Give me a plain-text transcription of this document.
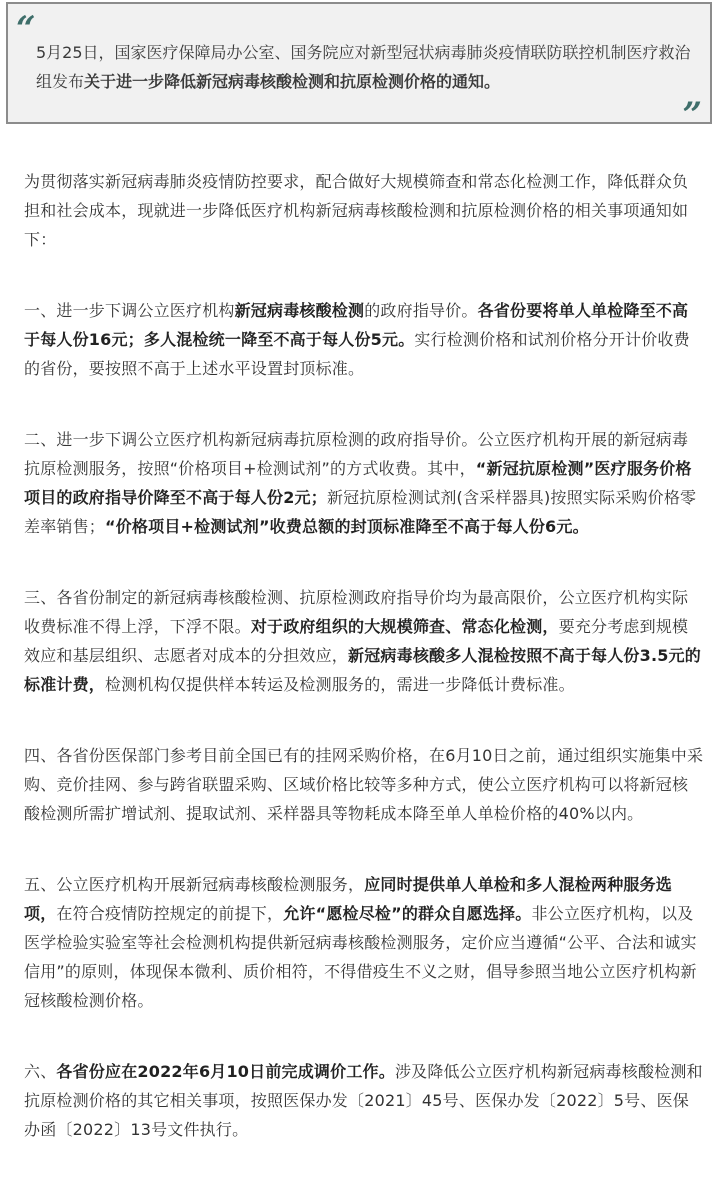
“

5月25日，国家医疗保障局办公室、国务院应对新型冠状病毒肺炎疫情联防联控机制医疗救治组发布关于进一步降低新冠病毒核酸检测和抗原检测价格的通知。

”

为贯彻落实新冠病毒肺炎疫情防控要求，配合做好大规模筛查和常态化检测工作，降低群众负担和社会成本，现就进一步降低医疗机构新冠病毒核酸检测和抗原检测价格的相关事项通知如下：

一、进一步下调公立医疗机构新冠病毒核酸检测的政府指导价。各省份要将单人单检降至不高于每人份16元；多人混检统一降至不高于每人份5元。实行检测价格和试剂价格分开计价收费的省份，要按照不高于上述水平设置封顶标准。

二、进一步下调公立医疗机构新冠病毒抗原检测的政府指导价。公立医疗机构开展的新冠病毒抗原检测服务，按照“价格项目+检测试剂”的方式收费。其中，“新冠抗原检测”医疗服务价格项目的政府指导价降至不高于每人份2元；新冠抗原检测试剂(含采样器具)按照实际采购价格零差率销售；“价格项目+检测试剂”收费总额的封顶标准降至不高于每人份6元。

三、各省份制定的新冠病毒核酸检测、抗原检测政府指导价均为最高限价，公立医疗机构实际收费标准不得上浮，下浮不限。对于政府组织的大规模筛查、常态化检测，要充分考虑到规模效应和基层组织、志愿者对成本的分担效应，新冠病毒核酸多人混检按照不高于每人份3.5元的标准计费，检测机构仅提供样本转运及检测服务的，需进一步降低计费标准。

四、各省份医保部门参考目前全国已有的挂网采购价格，在6月10日之前，通过组织实施集中采购、竞价挂网、参与跨省联盟采购、区域价格比较等多种方式，使公立医疗机构可以将新冠核酸检测所需扩增试剂、提取试剂、采样器具等物耗成本降至单人单检价格的40%以内。

五、公立医疗机构开展新冠病毒核酸检测服务，应同时提供单人单检和多人混检两种服务选项，在符合疫情防控规定的前提下，允许“愿检尽检”的群众自愿选择。非公立医疗机构，以及医学检验实验室等社会检测机构提供新冠病毒核酸检测服务，定价应当遵循“公平、合法和诚实信用”的原则，体现保本微利、质价相符，不得借疫生不义之财，倡导参照当地公立医疗机构新冠核酸检测价格。

六、各省份应在2022年6月10日前完成调价工作。涉及降低公立医疗机构新冠病毒核酸检测和抗原检测价格的其它相关事项，按照医保办发〔2021〕45号、医保办发〔2022〕5号、医保办函〔2022〕13号文件执行。
